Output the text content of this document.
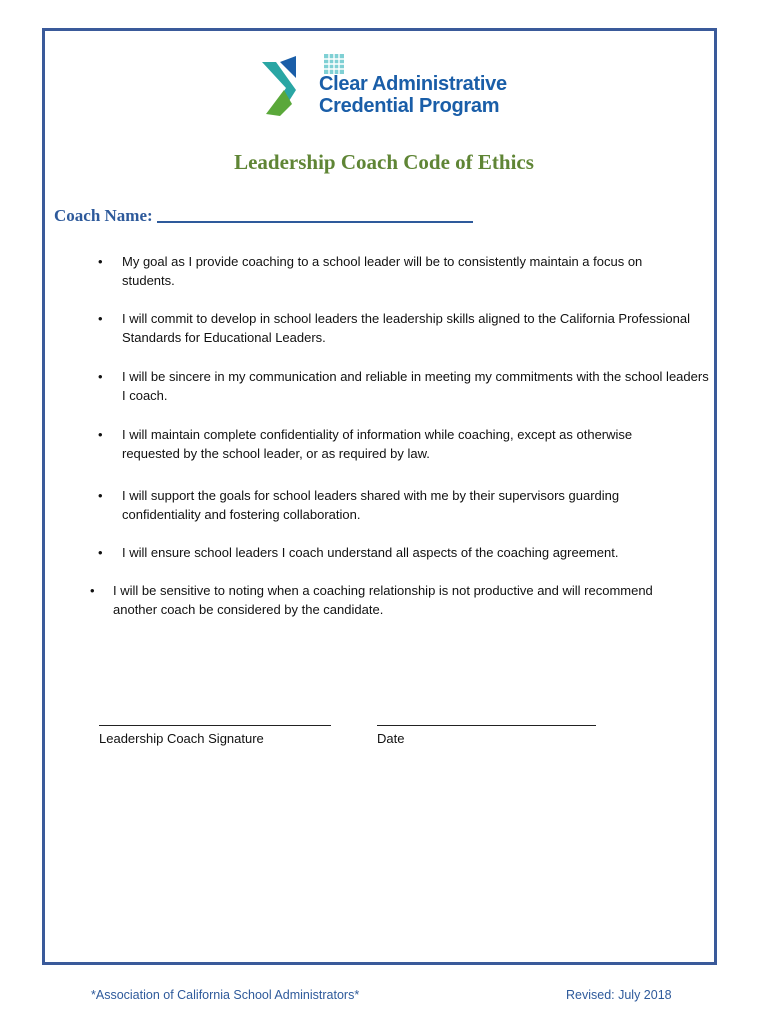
Clear Administrative
Credential Program
Leadership Coach Code of Ethics
Coach Name:
• My goal as I provide coaching to a school leader will be to consistently maintain a focus on students.
• I will commit to develop in school leaders the leadership skills aligned to the California Professional Standards for Educational Leaders.
• I will be sincere in my communication and reliable in meeting my commitments with the school leaders I coach.
• I will maintain complete confidentiality of information while coaching, except as otherwise requested by the school leader, or as required by law.
• I will support the goals for school leaders shared with me by their supervisors guarding confidentiality and fostering collaboration.
• I will ensure school leaders I coach understand all aspects of the coaching agreement.
• I will be sensitive to noting when a coaching relationship is not productive and will recommend another coach be considered by the candidate.
Leadership Coach Signature	Date
*Association of California School Administrators*	Revised: July 2018
